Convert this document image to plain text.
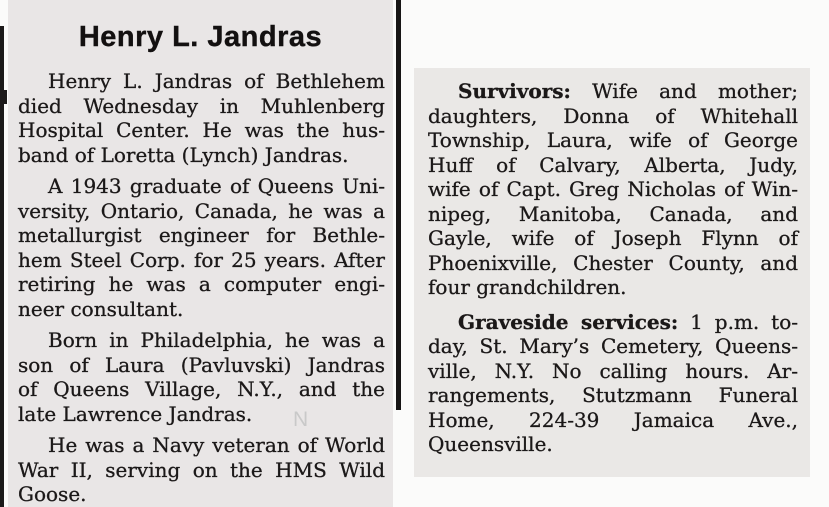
Henry L. Jandras

Henry L. Jandras of Bethlehem
died Wednesday in Muhlenberg
Hospital Center. He was the hus-
band of Loretta (Lynch) Jandras.

A 1943 graduate of Queens Uni-
versity, Ontario, Canada, he was a
metallurgist engineer for Bethle-
hem Steel Corp. for 25 years. After
retiring he was a computer engi-
neer consultant.

Born in Philadelphia, he was a
son of Laura (Pavluvski) Jandras
of Queens Village, N.Y., and the
late Lawrence Jandras.

He was a Navy veteran of World
War II, serving on the HMS Wild
Goose.

Survivors: Wife and mother;
daughters, Donna of Whitehall
Township, Laura, wife of George
Huff of Calvary, Alberta, Judy,
wife of Capt. Greg Nicholas of Win-
nipeg, Manitoba, Canada, and
Gayle, wife of Joseph Flynn of
Phoenixville, Chester County, and
four grandchildren.

Graveside services: 1 p.m. to-
day, St. Mary’s Cemetery, Queens-
ville, N.Y. No calling hours. Ar-
rangements, Stutzmann Funeral
Home, 224-39 Jamaica Ave.,
Queensville.

N
